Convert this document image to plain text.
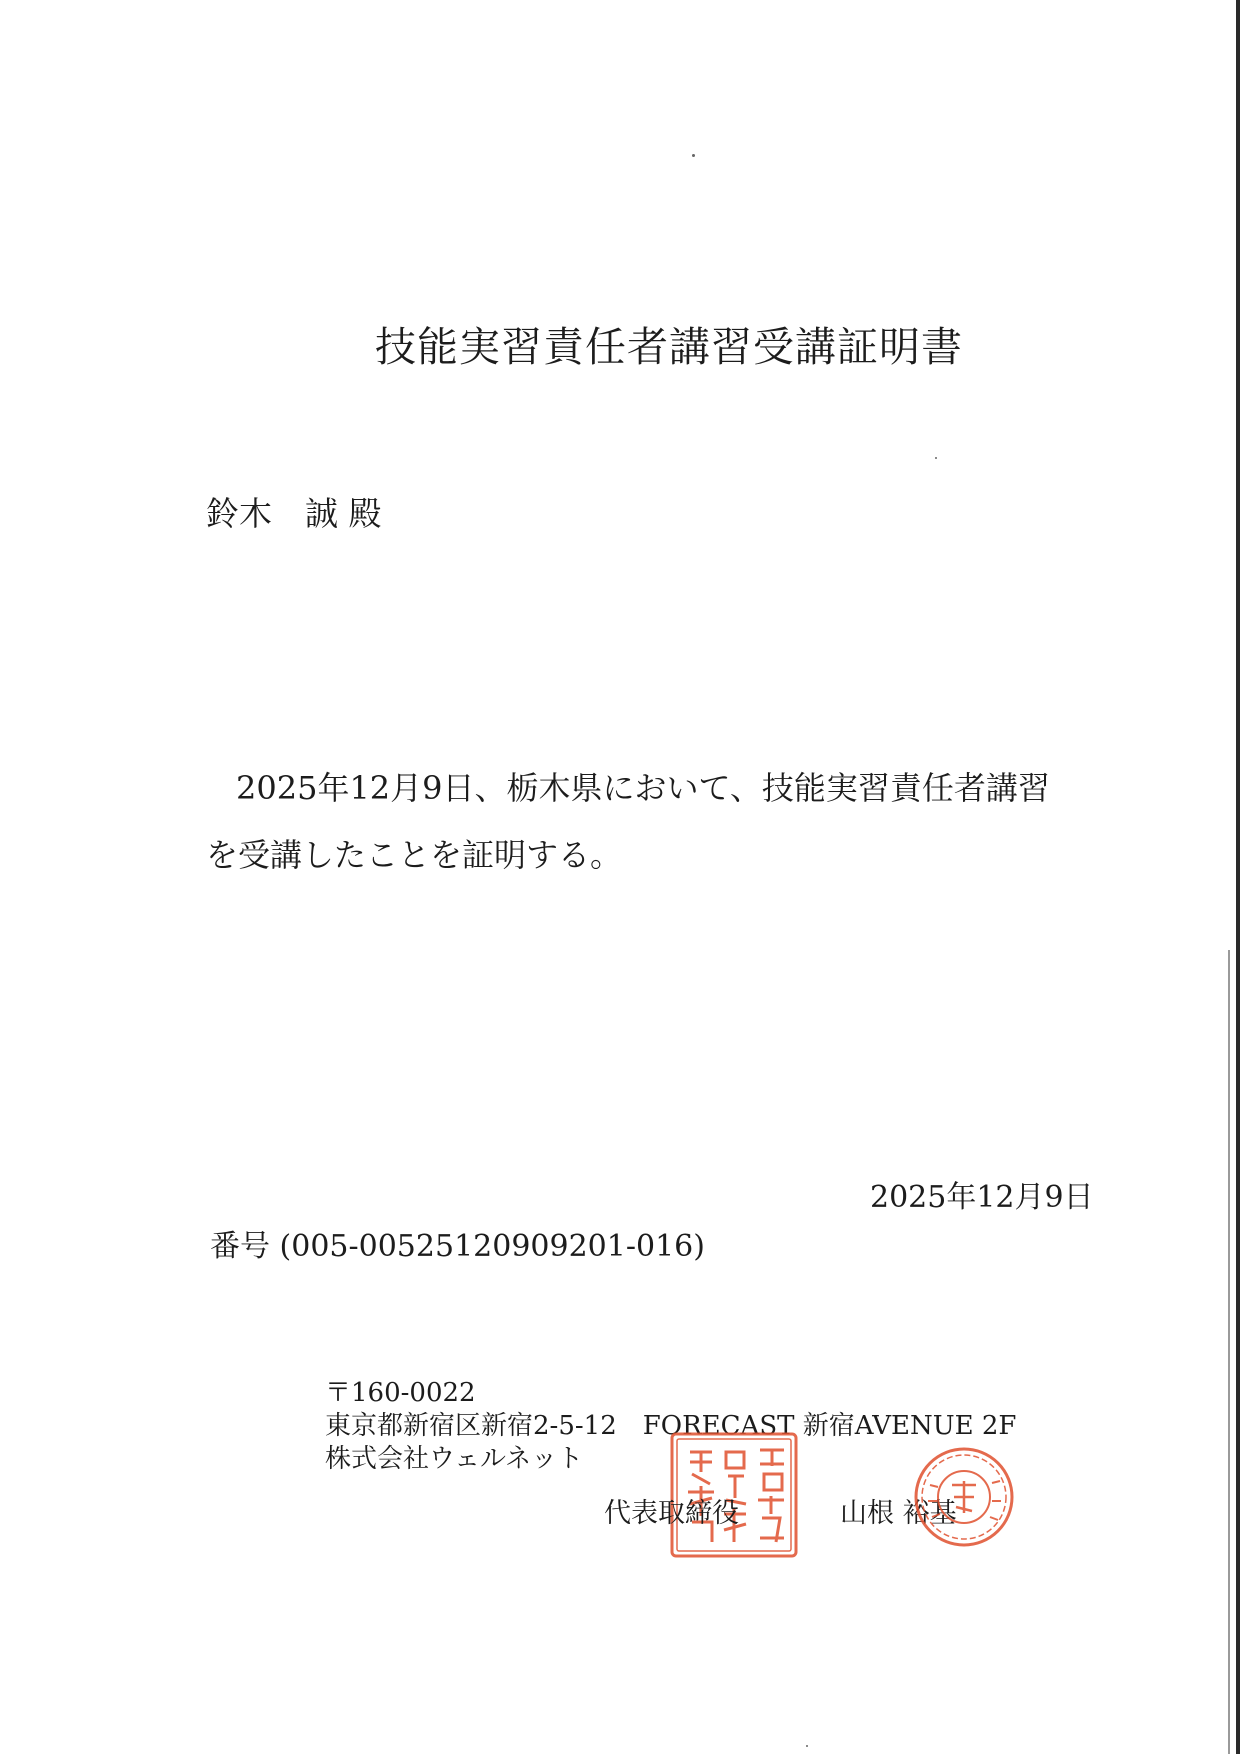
技能実習責任者講習受講証明書
鈴木　誠 殿
2025年12月9日、栃木県において、技能実習責任者講習
を受講したことを証明する。
2025年12月9日
番号 (005-00525120909201-016)
〒160-0022
東京都新宿区新宿2-5-12　FORECAST 新宿AVENUE 2F
株式会社ウェルネット
代表取締役	山根 裕基
